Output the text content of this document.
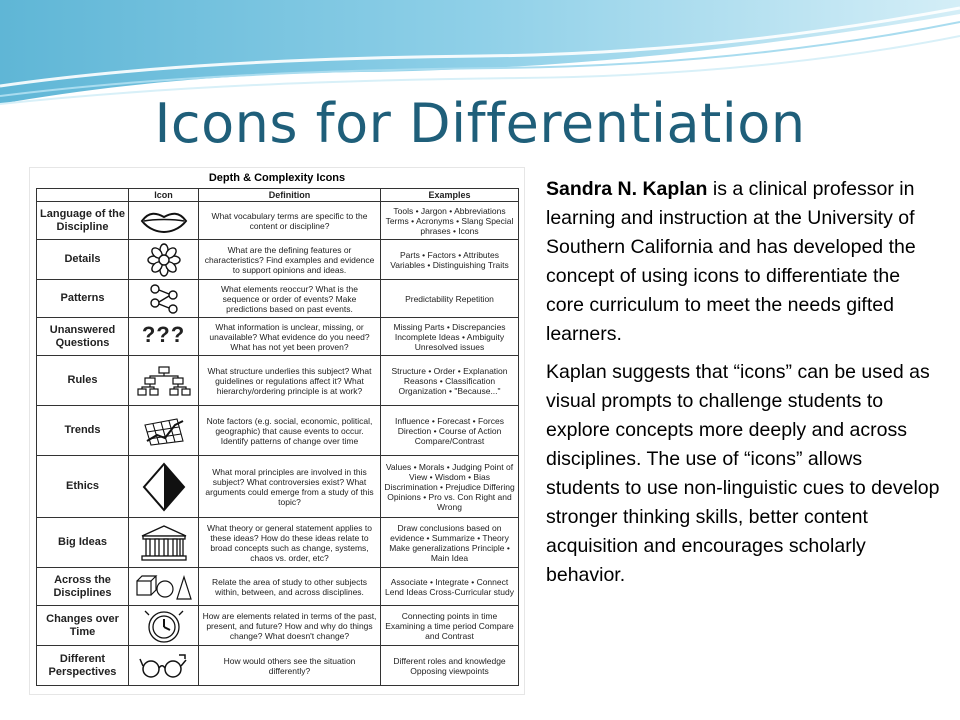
Icons for Differentiation
Depth & Complexity Icons
	Icon	Definition	Examples
Language of the Discipline		What vocabulary terms are specific to the content or discipline?	Tools • Jargon • Abbreviations Terms • Acronyms • Slang Special phrases • Icons
Details		What are the defining features or characteristics? Find examples and evidence to support opinions and ideas.	Parts • Factors • Attributes Variables • Distinguishing Traits
Patterns		What elements reoccur? What is the sequence or order of events? Make predictions based on past events.	Predictability Repetition
Unanswered Questions	???	What information is unclear, missing, or unavailable? What evidence do you need? What has not yet been proven?	Missing Parts • Discrepancies Incomplete Ideas • Ambiguity Unresolved issues
Rules		What structure underlies this subject? What guidelines or regulations affect it? What hierarchy/ordering principle is at work?	Structure • Order • Explanation Reasons • Classification Organization • "Because..."
Trends		Note factors (e.g. social, economic, political, geographic) that cause events to occur. Identify patterns of change over time	Influence • Forecast • Forces Direction • Course of Action Compare/Contrast
Ethics		What moral principles are involved in this subject? What controversies exist? What arguments could emerge from a study of this topic?	Values • Morals • Judging Point of View • Wisdom • Bias Discrimination • Prejudice Differing Opinions • Pro vs. Con Right and Wrong
Big Ideas		What theory or general statement applies to these ideas? How do these ideas relate to broad concepts such as change, systems, chaos vs. order, etc?	Draw conclusions based on evidence • Summarize • Theory Make generalizations Principle • Main Idea
Across the Disciplines		Relate the area of study to other subjects within, between, and across disciplines.	Associate • Integrate • Connect Lend Ideas Cross-Curricular study
Changes over Time		How are elements related in terms of the past, present, and future? How and why do things change? What doesn't change?	Connecting points in time Examining a time period Compare and Contrast
Different Perspectives		How would others see the situation differently?	Different roles and knowledge Opposing viewpoints

Sandra N. Kaplan is a clinical professor in learning and instruction at the University of Southern California and has developed the concept of using icons to differentiate the core curriculum to meet the needs gifted learners.

Kaplan suggests that “icons” can be used as visual prompts to challenge students to explore concepts more deeply and across disciplines. The use of “icons” allows students to use non-linguistic cues to develop stronger thinking skills, better content acquisition and encourages scholarly behavior.
